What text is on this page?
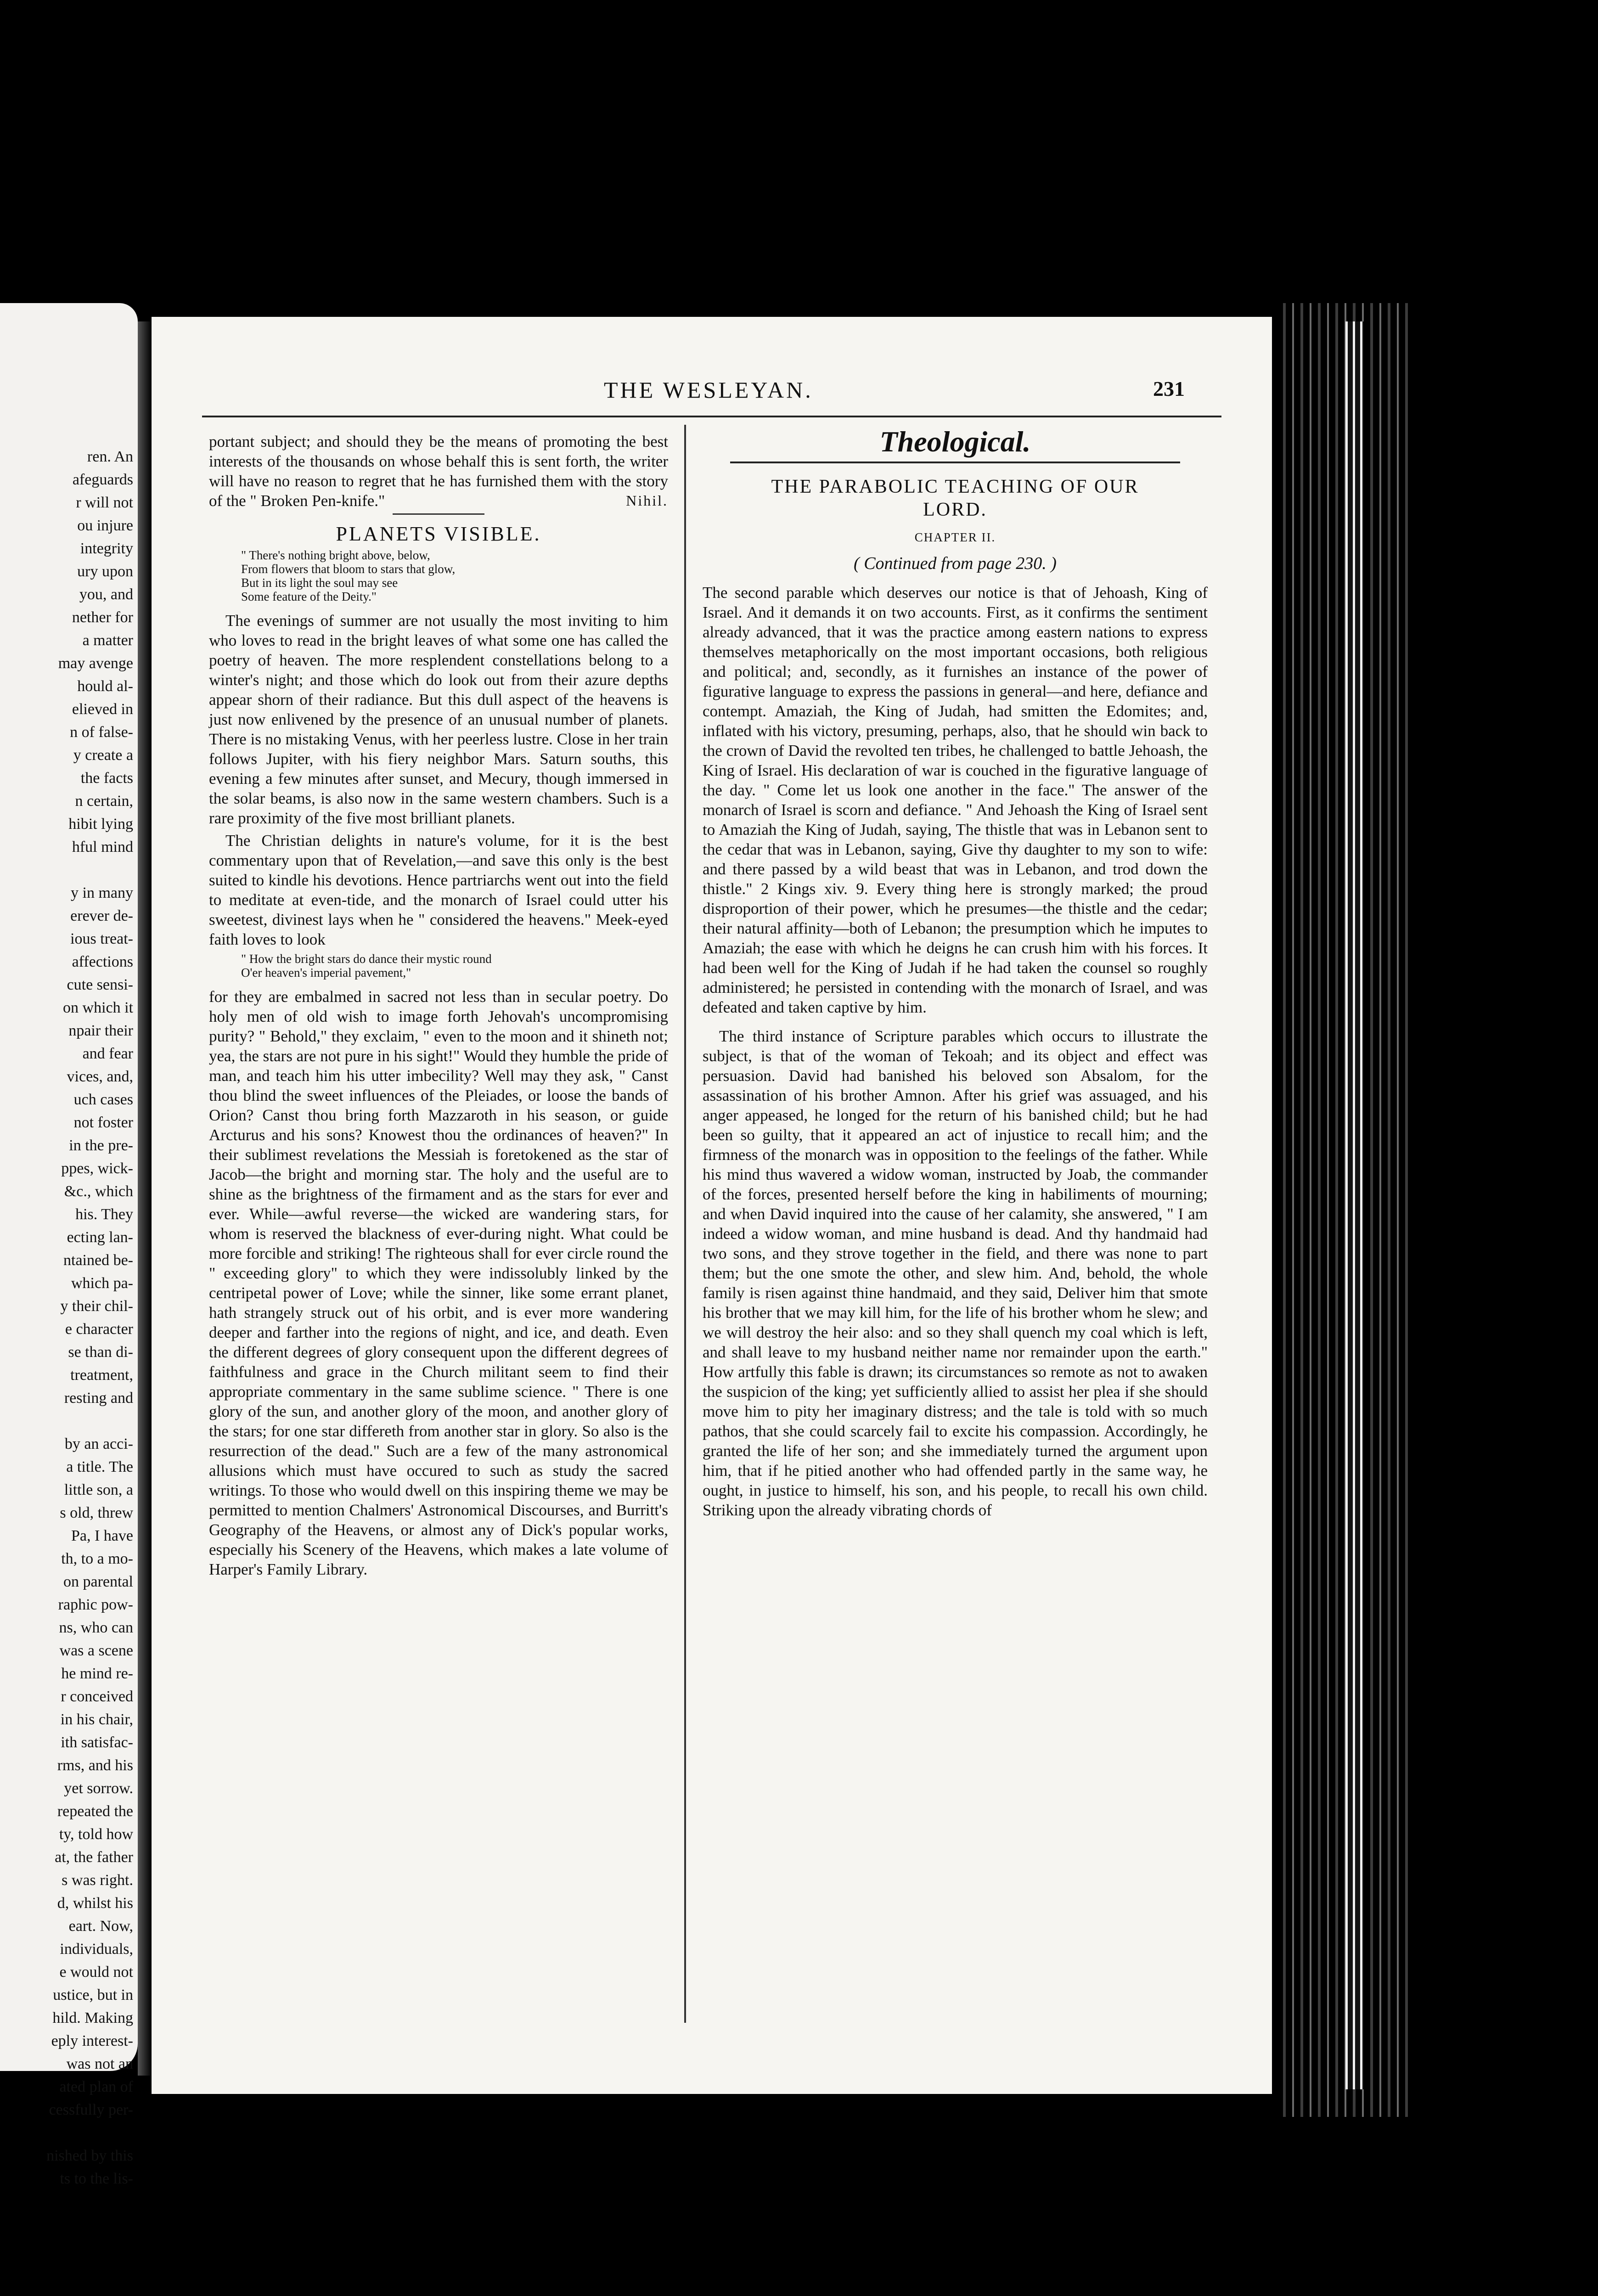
ren. An
afeguards
r will not
ou injure
integrity
ury upon
you, and
nether for
a matter
may avenge
hould al-
elieved in
n of false-
y create a
the facts
n certain,
hibit lying
hful mind

y in many
erever de-
ious treat-
affections
cute sensi-
on which it
npair their
and fear
vices, and,
uch cases
not foster
in the pre-
ppes, wick-
&c., which
his. They
ecting lan-
ntained be-
which pa-
y their chil-
e character
se than di-
treatment,
resting and

by an acci-
a title. The
little son, a
s old, threw
Pa, I have
th, to a mo-
on parental
raphic pow-
ns, who can
was a scene
he mind re-
r conceived
in his chair,
ith satisfac-
rms, and his
yet sorrow.
repeated the
ty, told how
at, the father
s was right.
d, whilst his
eart. Now,
individuals,
e would not
ustice, but in
hild. Making
eply interest-
was not an
ated plan of
cessfully per-

nished by this
ts to the lis-
THE WESLEYAN.	231

portant subject; and should they be the means of promoting the best interests of the thousands on whose behalf this is sent forth, the writer will have no reason to regret that he has furnished them with the story of the " Broken Pen-knife."	Nihil.

PLANETS VISIBLE.
" There's nothing bright above, below,
From flowers that bloom to stars that glow,
But in its light the soul may see
Some feature of the Deity."

The evenings of summer are not usually the most inviting to him who loves to read in the bright leaves of what some one has called the poetry of heaven. The more resplendent constellations belong to a winter's night; and those which do look out from their azure depths appear shorn of their radiance. But this dull aspect of the heavens is just now enlivened by the presence of an unusual number of planets. There is no mistaking Venus, with her peerless lustre. Close in her train follows Jupiter, with his fiery neighbor Mars. Saturn souths, this evening a few minutes after sunset, and Mecury, though immersed in the solar beams, is also now in the same western chambers. Such is a rare proximity of the five most brilliant planets.

The Christian delights in nature's volume, for it is the best commentary upon that of Revelation,—and save this only is the best suited to kindle his devotions. Hence partriarchs went out into the field to meditate at even-tide, and the monarch of Israel could utter his sweetest, divinest lays when he " considered the heavens." Meek-eyed faith loves to look

" How the bright stars do dance their mystic round
O'er heaven's imperial pavement,"

for they are embalmed in sacred not less than in secular poetry. Do holy men of old wish to image forth Jehovah's uncompromising purity? " Behold," they exclaim, " even to the moon and it shineth not; yea, the stars are not pure in his sight!" Would they humble the pride of man, and teach him his utter imbecility? Well may they ask, " Canst thou blind the sweet influences of the Pleiades, or loose the bands of Orion? Canst thou bring forth Mazzaroth in his season, or guide Arcturus and his sons? Knowest thou the ordinances of heaven?" In their sublimest revelations the Messiah is foretokened as the star of Jacob—the bright and morning star. The holy and the useful are to shine as the brightness of the firmament and as the stars for ever and ever. While—awful reverse—the wicked are wandering stars, for whom is reserved the blackness of ever-during night. What could be more forcible and striking! The righteous shall for ever circle round the " exceeding glory" to which they were indissolubly linked by the centripetal power of Love; while the sinner, like some errant planet, hath strangely struck out of his orbit, and is ever more wandering deeper and farther into the regions of night, and ice, and death. Even the different degrees of glory consequent upon the different degrees of faithfulness and grace in the Church militant seem to find their appropriate commentary in the same sublime science. " There is one glory of the sun, and another glory of the moon, and another glory of the stars; for one star differeth from another star in glory. So also is the resurrection of the dead." Such are a few of the many astronomical allusions which must have occured to such as study the sacred writings. To those who would dwell on this inspiring theme we may be permitted to mention Chalmers' Astronomical Discourses, and Burritt's Geography of the Heavens, or almost any of Dick's popular works, especially his Scenery of the Heavens, which makes a late volume of Harper's Family Library.

Theological.
THE PARABOLIC TEACHING OF OUR
LORD.
CHAPTER II.
( Continued from page 230. )

The second parable which deserves our notice is that of Jehoash, King of Israel. And it demands it on two accounts. First, as it confirms the sentiment already advanced, that it was the practice among eastern nations to express themselves metaphorically on the most important occasions, both religious and political; and, secondly, as it furnishes an instance of the power of figurative language to express the passions in general—and here, defiance and contempt. Amaziah, the King of Judah, had smitten the Edomites; and, inflated with his victory, presuming, perhaps, also, that he should win back to the crown of David the revolted ten tribes, he challenged to battle Jehoash, the King of Israel. His declaration of war is couched in the figurative language of the day. " Come let us look one another in the face." The answer of the monarch of Israel is scorn and defiance. " And Jehoash the King of Israel sent to Amaziah the King of Judah, saying, The thistle that was in Lebanon sent to the cedar that was in Lebanon, saying, Give thy daughter to my son to wife: and there passed by a wild beast that was in Lebanon, and trod down the thistle." 2 Kings xiv. 9. Every thing here is strongly marked; the proud disproportion of their power, which he presumes—the thistle and the cedar; their natural affinity—both of Lebanon; the presumption which he imputes to Amaziah; the ease with which he deigns he can crush him with his forces. It had been well for the King of Judah if he had taken the counsel so roughly administered; he persisted in contending with the monarch of Israel, and was defeated and taken captive by him.

The third instance of Scripture parables which occurs to illustrate the subject, is that of the woman of Tekoah; and its object and effect was persuasion. David had banished his beloved son Absalom, for the assassination of his brother Amnon. After his grief was assuaged, and his anger appeased, he longed for the return of his banished child; but he had been so guilty, that it appeared an act of injustice to recall him; and the firmness of the monarch was in opposition to the feelings of the father. While his mind thus wavered a widow woman, instructed by Joab, the commander of the forces, presented herself before the king in habiliments of mourning; and when David inquired into the cause of her calamity, she answered, " I am indeed a widow woman, and mine husband is dead. And thy handmaid had two sons, and they strove together in the field, and there was none to part them; but the one smote the other, and slew him. And, behold, the whole family is risen against thine handmaid, and they said, Deliver him that smote his brother that we may kill him, for the life of his brother whom he slew; and we will destroy the heir also: and so they shall quench my coal which is left, and shall leave to my husband neither name nor remainder upon the earth." How artfully this fable is drawn; its circumstances so remote as not to awaken the suspicion of the king; yet sufficiently allied to assist her plea if she should move him to pity her imaginary distress; and the tale is told with so much pathos, that she could scarcely fail to excite his compassion. Accordingly, he granted the life of her son; and she immediately turned the argument upon him, that if he pitied another who had offended partly in the same way, he ought, in justice to himself, his son, and his people, to recall his own child. Striking upon the already vibrating chords of
